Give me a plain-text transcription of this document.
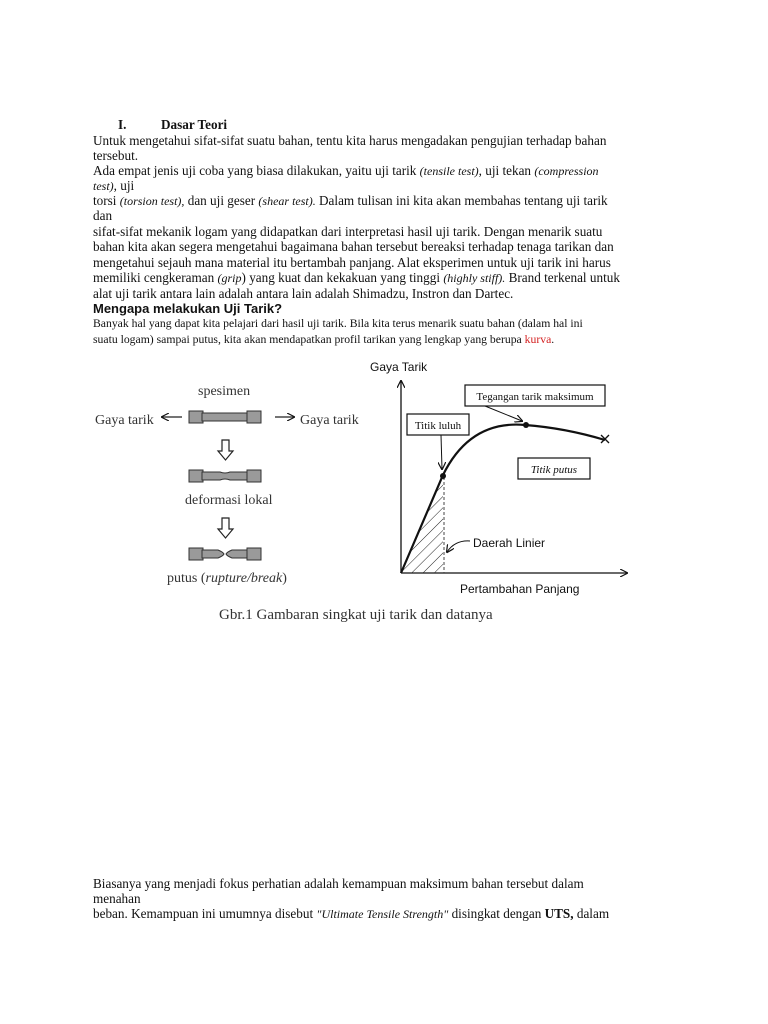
I.	Dasar Teori
Untuk mengetahui sifat-sifat suatu bahan, tentu kita harus mengadakan pengujian terhadap bahan
tersebut.
Ada empat jenis uji coba yang biasa dilakukan, yaitu uji tarik (tensile test), uji tekan (compression
test), uji
torsi (torsion test), dan uji geser (shear test). Dalam tulisan ini kita akan membahas tentang uji tarik
dan
sifat-sifat mekanik logam yang didapatkan dari interpretasi hasil uji tarik. Dengan menarik suatu
bahan kita akan segera mengetahui bagaimana bahan tersebut bereaksi terhadap tenaga tarikan dan
mengetahui sejauh mana material itu bertambah panjang. Alat eksperimen untuk uji tarik ini harus
memiliki cengkeraman (grip) yang kuat dan kekakuan yang tinggi (highly stiff). Brand terkenal untuk
alat uji tarik antara lain adalah antara lain adalah Shimadzu, Instron dan Dartec.
Mengapa melakukan Uji Tarik?
Banyak hal yang dapat kita pelajari dari hasil uji tarik. Bila kita terus menarik suatu bahan (dalam hal ini
suatu logam) sampai putus, kita akan mendapatkan profil tarikan yang lengkap yang berupa kurva.
spesimen
Gaya tarik	Gaya tarik
deformasi lokal
putus (rupture/break)
Gaya Tarik
Pertambahan Panjang
Tegangan tarik maksimum
Titik luluh
Titik putus
Daerah Linier
Gbr.1 Gambaran singkat uji tarik dan datanya
Biasanya yang menjadi fokus perhatian adalah kemampuan maksimum bahan tersebut dalam
menahan
beban. Kemampuan ini umumnya disebut "Ultimate Tensile Strength" disingkat dengan UTS, dalam
